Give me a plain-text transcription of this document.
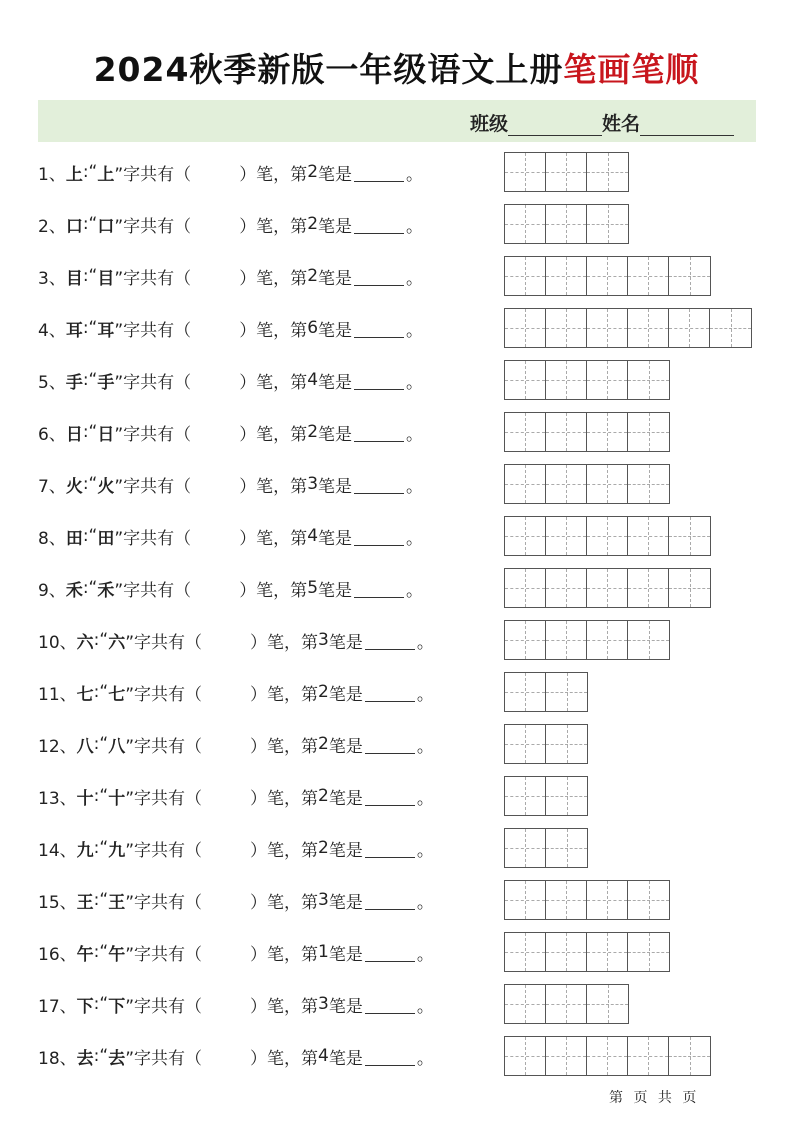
2024秋季新版一年级语文上册笔画笔顺
班级	姓名
1、 上 :“ 上 ”字共有（	）笔，第 2 笔是	。
2、 口 :“ 口 ”字共有（	）笔，第 2 笔是	。
3、 目 :“ 目 ”字共有（	）笔，第 2 笔是	。
4、 耳 :“ 耳 ”字共有（	）笔，第 6 笔是	。
5、 手 :“ 手 ”字共有（	）笔，第 4 笔是	。
6、 日 :“ 日 ”字共有（	）笔，第 2 笔是	。
7、 火 :“ 火 ”字共有（	）笔，第 3 笔是	。
8、 田 :“ 田 ”字共有（	）笔，第 4 笔是	。
9、 禾 :“ 禾 ”字共有（	）笔，第 5 笔是	。
10、 六 :“ 六 ”字共有（	）笔，第 3 笔是	。
11、 七 :“ 七 ”字共有（	）笔，第 2 笔是	。
12、 八 :“ 八 ”字共有（	）笔，第 2 笔是	。
13、 十 :“ 十 ”字共有（	）笔，第 2 笔是	。
14、 九 :“ 九 ”字共有（	）笔，第 2 笔是	。
15、 王 :“ 王 ”字共有（	）笔，第 3 笔是	。
16、 午 :“ 午 ”字共有（	）笔，第 1 笔是	。
17、 下 :“ 下 ”字共有（	）笔，第 3 笔是	。
18、 去 :“ 去 ”字共有（	）笔，第 4 笔是	。
第 页 共 页
